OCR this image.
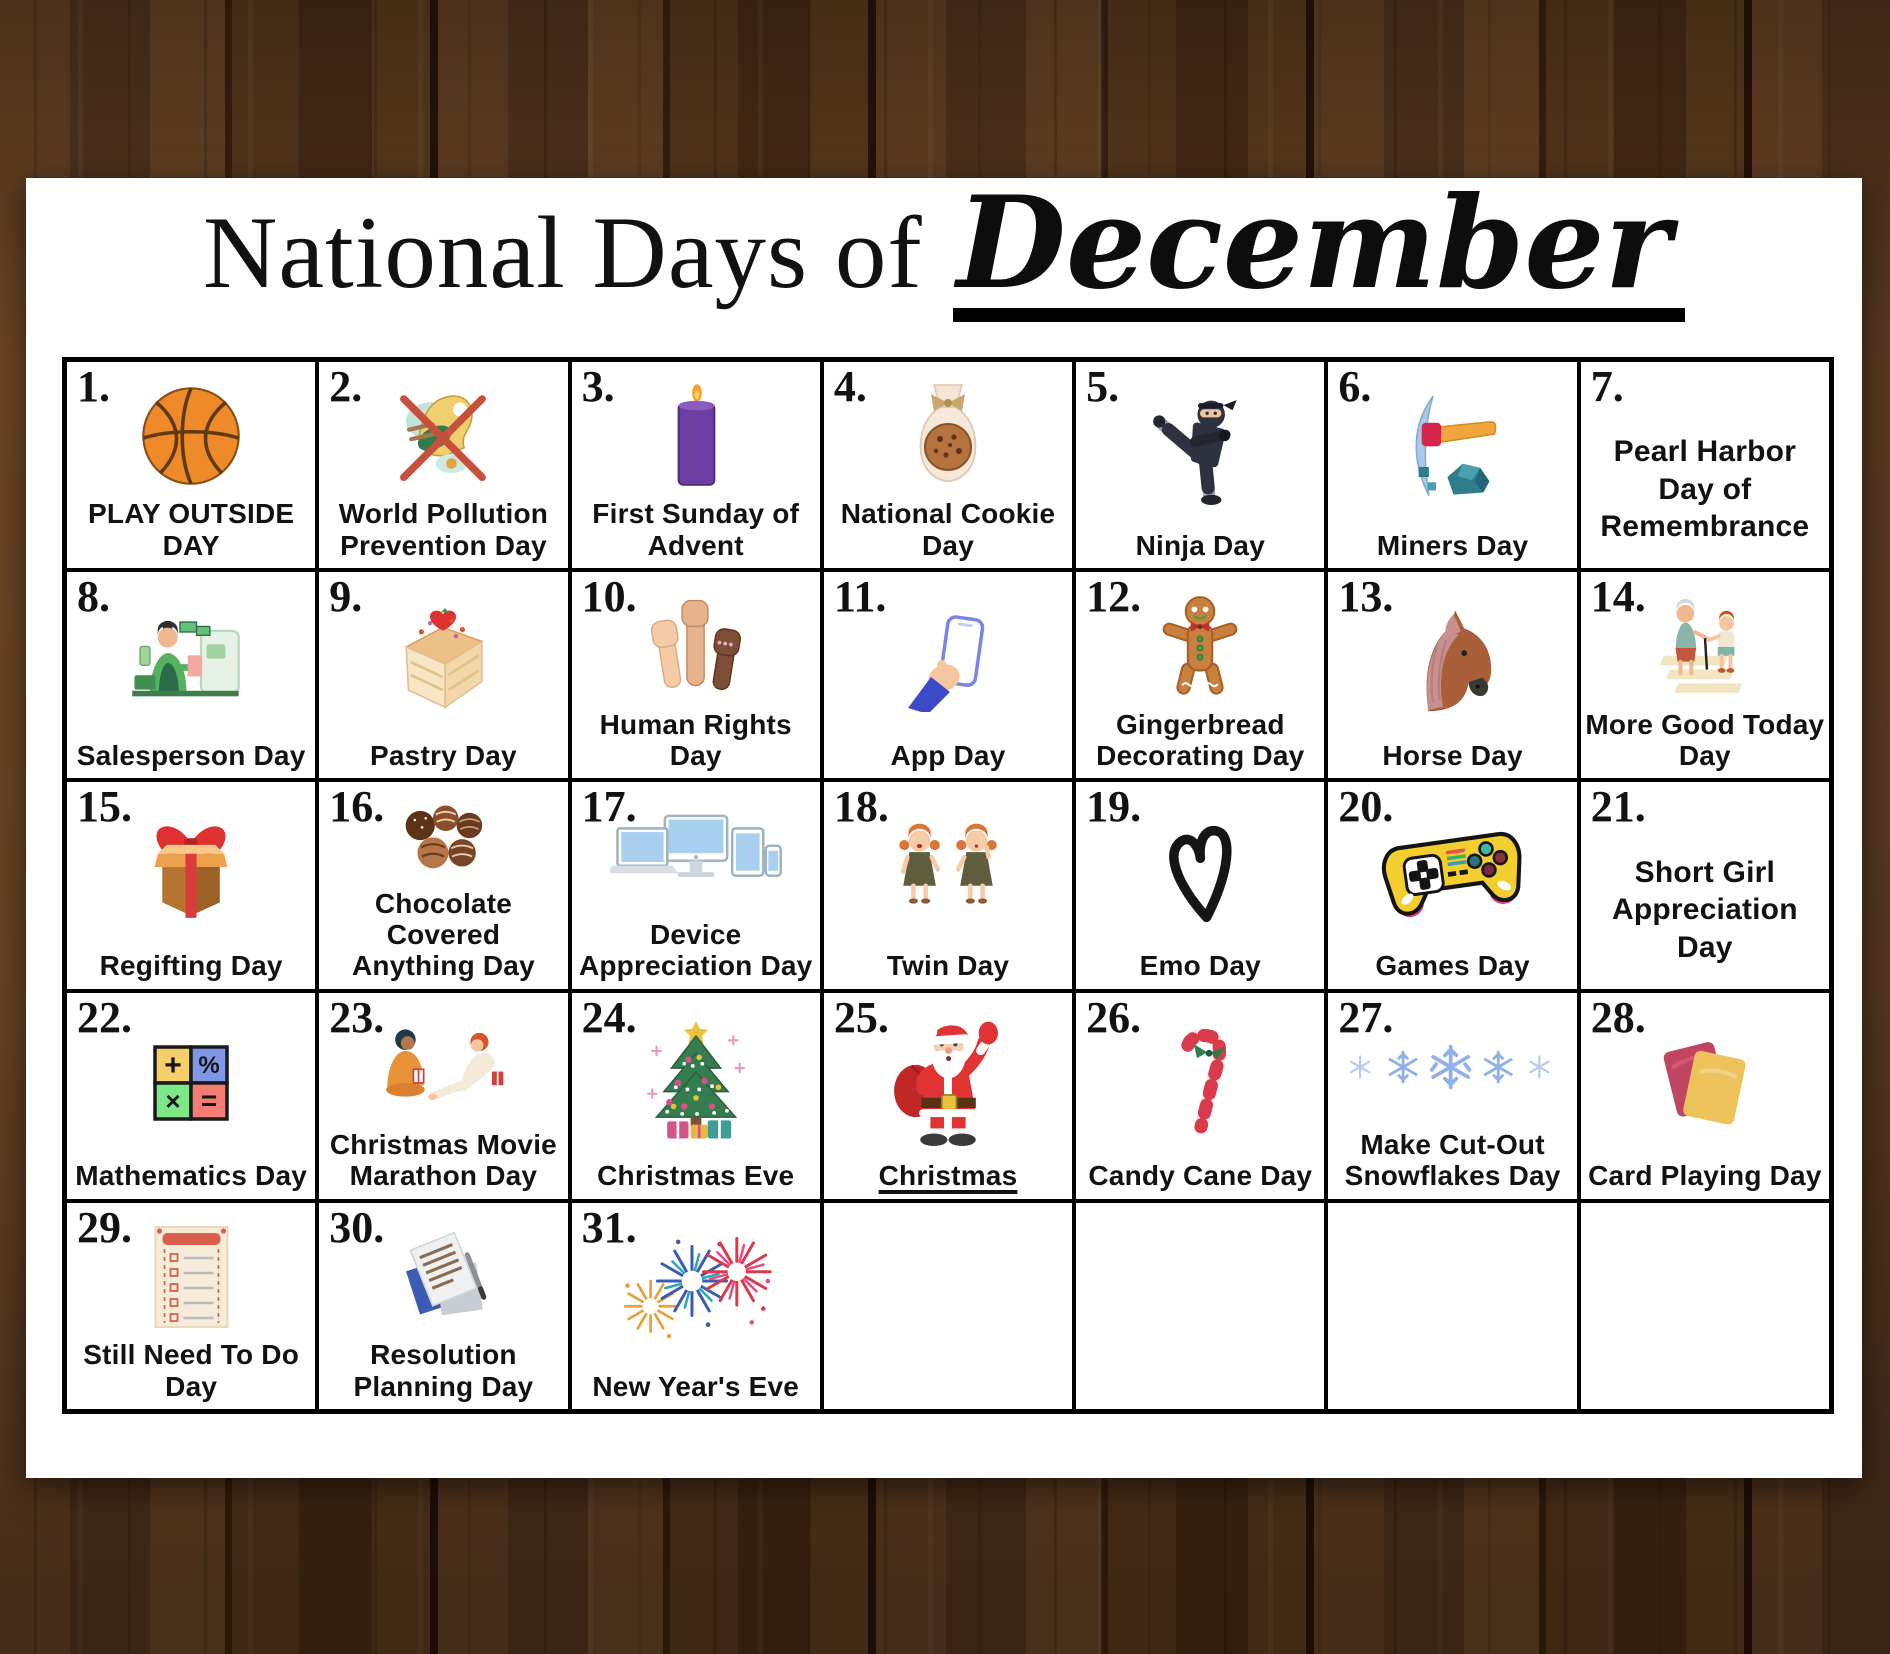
National Days of December
1.
PLAY OUTSIDE DAY
2.
World Pollution Prevention Day
3.
First Sunday of Advent
4.
National Cookie Day
5.
Ninja Day
6.
Miners Day
7.
Pearl Harbor Day of Remembrance
8.
Salesperson Day
9.
Pastry Day
10.
Human Rights Day
11.
App Day
12.
Gingerbread Decorating Day
13.
Horse Day
14.
More Good Today Day
15.
Regifting Day
16.
Chocolate Covered Anything Day
17.
Device Appreciation Day
18.
Twin Day
19.
Emo Day
20.
Games Day
21.
Short Girl Appreciation Day
22.
+ %
× =
Mathematics Day
23.
Christmas Movie Marathon Day
24.
Christmas Eve
25.
Christmas
26.
Candy Cane Day
27.
Make Cut-Out Snowflakes Day
28.
Card Playing Day
29.
Still Need To Do Day
30.
Resolution Planning Day
31.
New Year's Eve
